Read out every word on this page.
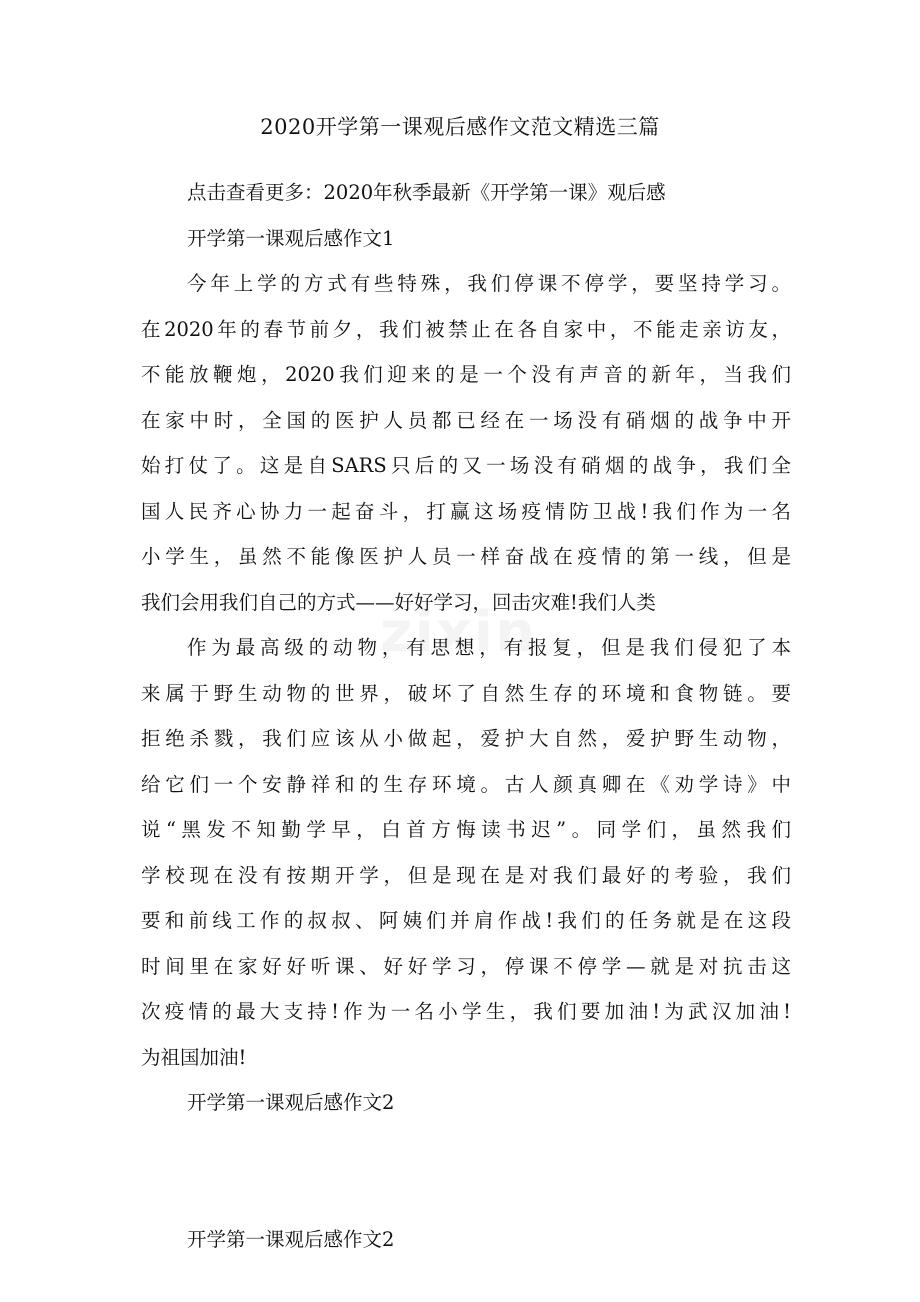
2020开学第一课观后感作文范文精选三篇
点击查看更多：2020年秋季最新《开学第一课》观后感
开学第一课观后感作文1
今年上学的方式有些特殊，我们停课不停学，要坚持学习。
在2020年的春节前夕，我们被禁止在各自家中，不能走亲访友，
不能放鞭炮，2020我们迎来的是一个没有声音的新年，当我们
在家中时，全国的医护人员都已经在一场没有硝烟的战争中开
始打仗了。这是自SARS只后的又一场没有硝烟的战争，我们全
国人民齐心协力一起奋斗，打赢这场疫情防卫战!我们作为一名
小学生，虽然不能像医护人员一样奋战在疫情的第一线，但是
我们会用我们自己的方式——好好学习，回击灾难!我们人类
作为最高级的动物，有思想，有报复，但是我们侵犯了本
来属于野生动物的世界，破坏了自然生存的环境和食物链。要
拒绝杀戮，我们应该从小做起，爱护大自然，爱护野生动物，
给它们一个安静祥和的生存环境。古人颜真卿在《劝学诗》中
说“黑发不知勤学早，白首方悔读书迟”。同学们，虽然我们
学校现在没有按期开学，但是现在是对我们最好的考验，我们
要和前线工作的叔叔、阿姨们并肩作战!我们的任务就是在这段
时间里在家好好听课、好好学习，停课不停学—就是对抗击这
次疫情的最大支持!作为一名小学生，我们要加油!为武汉加油!
为祖国加油!
开学第一课观后感作文2
开学第一课观后感作文2
